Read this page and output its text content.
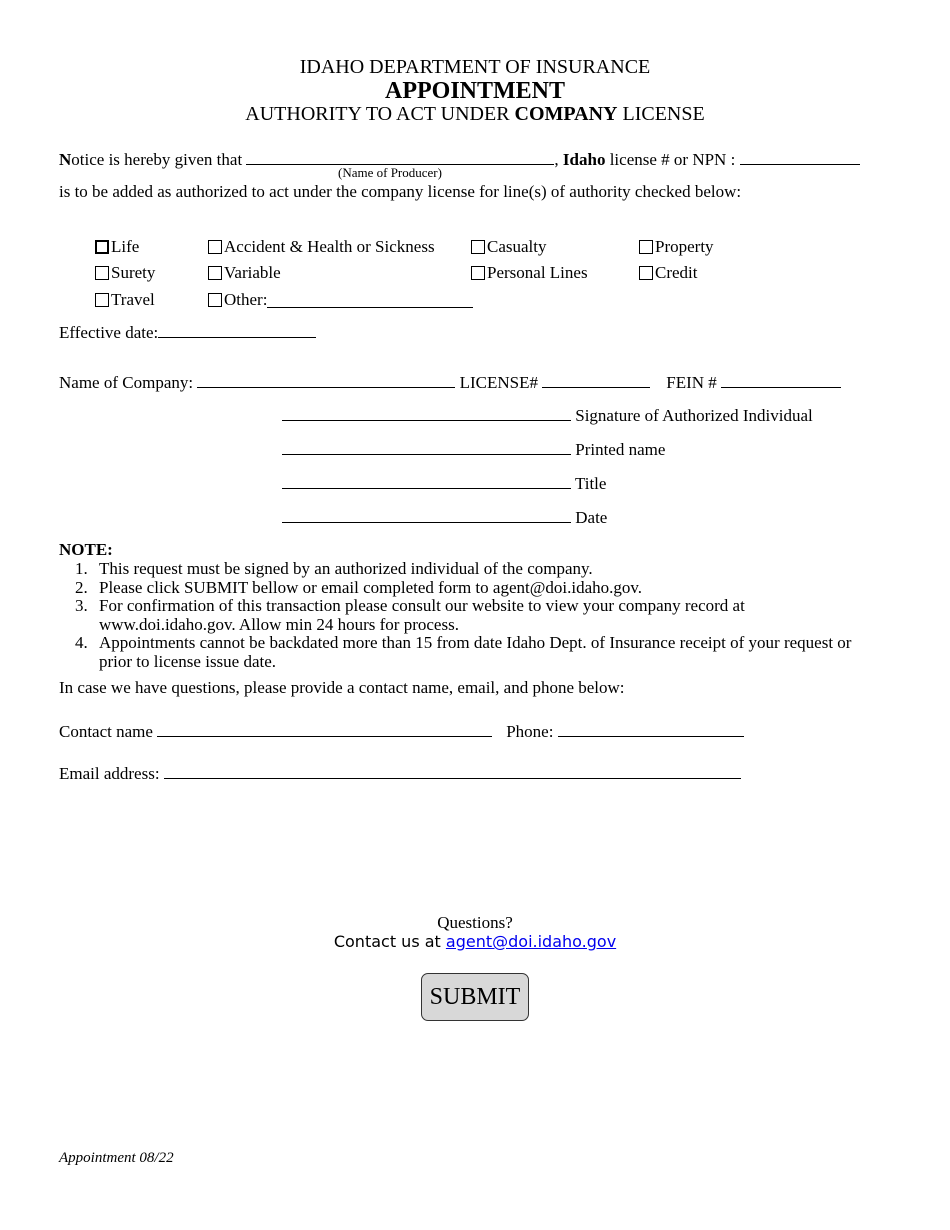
IDAHO DEPARTMENT OF INSURANCE
APPOINTMENT
AUTHORITY TO ACT UNDER COMPANY LICENSE
Notice is hereby given that	, Idaho license # or NPN :
(Name of Producer)
is to be added as authorized to act under the company license for line(s) of authority checked below:
Life	Accident & Health or Sickness	Casualty	Property
Surety	Variable	Personal Lines	Credit
Travel	Other:
Effective date:
Name of Company:	LICENSE#	FEIN #
Signature of Authorized Individual
Printed name
Title
Date
NOTE:
1. This request must be signed by an authorized individual of the company.
2. Please click SUBMIT bellow or email completed form to agent@doi.idaho.gov.
3. For confirmation of this transaction please consult our website to view your company record at www.doi.idaho.gov. Allow min 24 hours for process.
4. Appointments cannot be backdated more than 15 from date Idaho Dept. of Insurance receipt of your request or prior to license issue date.
In case we have questions, please provide a contact name, email, and phone below:
Contact name	Phone:
Email address:
Questions?
Contact us at agent@doi.idaho.gov
SUBMIT
Appointment 08/22
